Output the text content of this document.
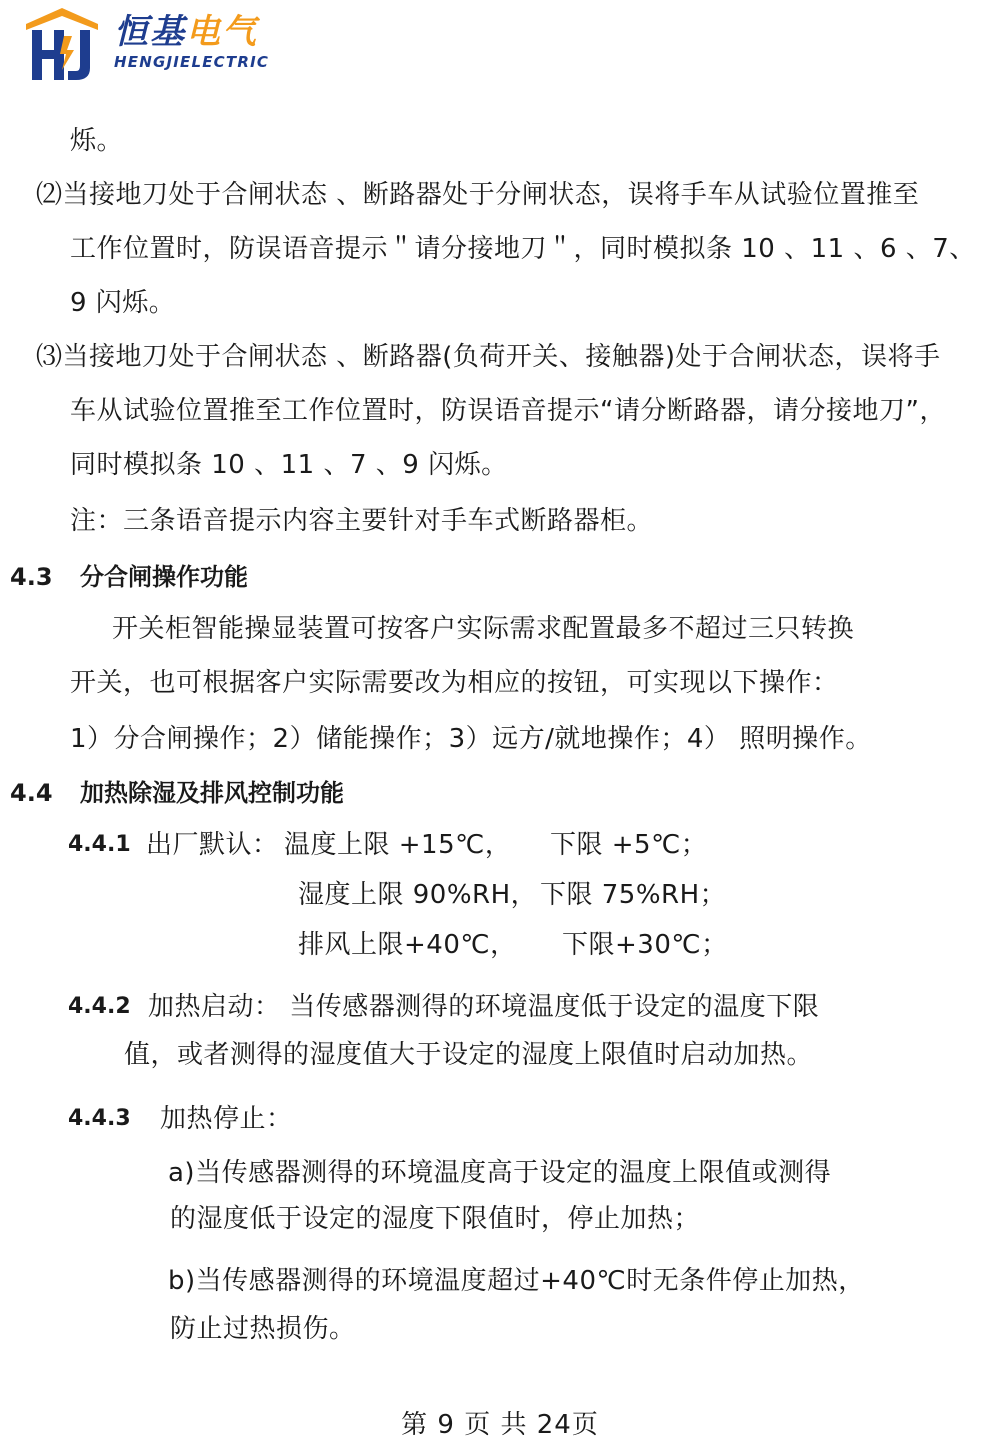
恒基电气
HENGJIELECTRIC
烁。
⑵当接地刀处于合闸状态 、断路器处于分闸状态，误将手车从试验位置推至
工作位置时，防误语音提示＂请分接地刀＂，同时模拟条 10 、11 、6 、7、
9 闪烁。
⑶当接地刀处于合闸状态 、断路器(负荷开关、接触器)处于合闸状态，误将手
车从试验位置推至工作位置时，防误语音提示“请分断路器，请分接地刀”，
同时模拟条 10 、11 、7 、9 闪烁。
注：三条语音提示内容主要针对手车式断路器柜。
4.3 分合闸操作功能
开关柜智能操显装置可按客户实际需求配置最多不超过三只转换
开关，也可根据客户实际需要改为相应的按钮，可实现以下操作：
1）分合闸操作；2）储能操作；3）远方/就地操作；4） 照明操作。
4.4 加热除湿及排风控制功能
4.4.1 出厂默认： 温度上限 +15℃， 下限 +5℃；
湿度上限 90%RH， 下限 75%RH；
排风上限+40℃， 下限+30℃；
4.4.2 加热启动： 当传感器测得的环境温度低于设定的温度下限
值，或者测得的湿度值大于设定的湿度上限值时启动加热。
4.4.3 加热停止：
a)当传感器测得的环境温度高于设定的温度上限值或测得
的湿度低于设定的湿度下限值时，停止加热；
b)当传感器测得的环境温度超过+40℃时无条件停止加热，
防止过热损伤。
第 9 页 共 24页
